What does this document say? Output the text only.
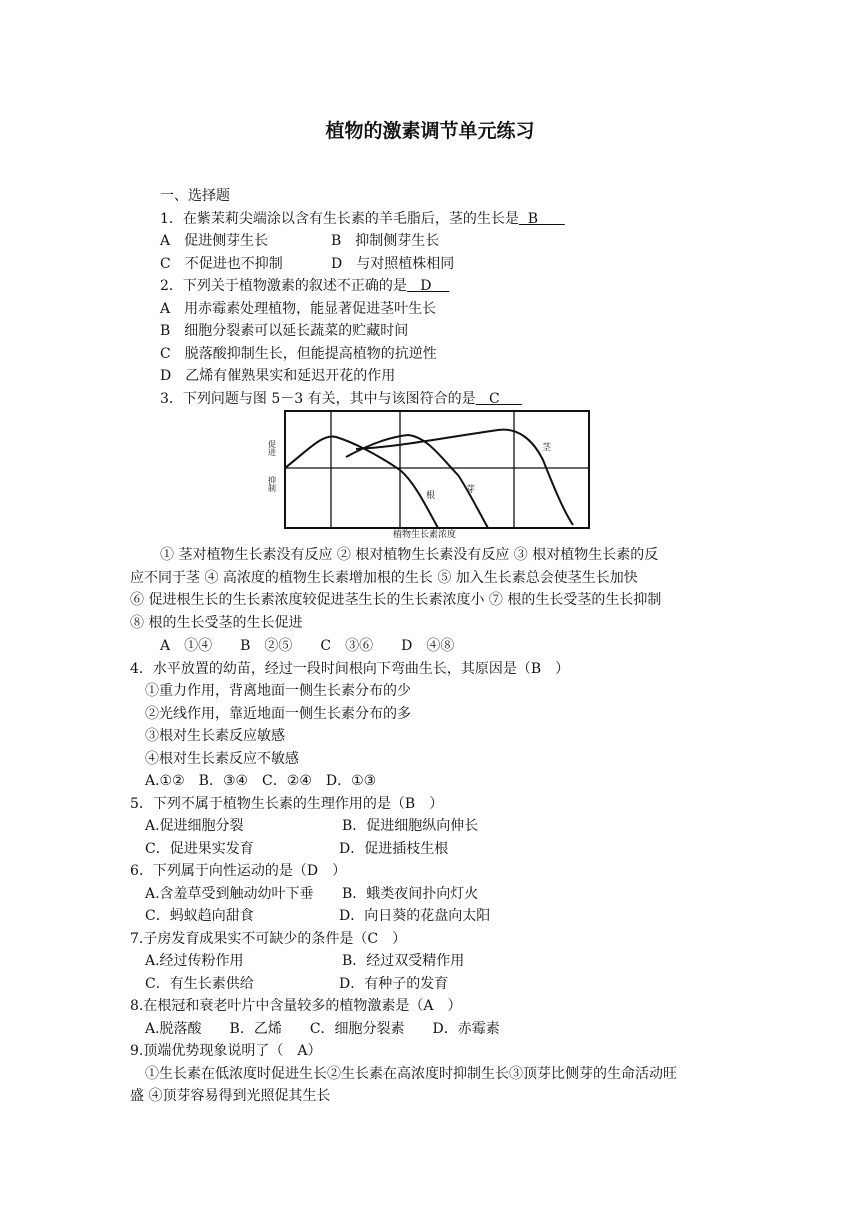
植物的激素调节单元练习
一、选择题
1．在紫茉莉尖端涂以含有生长素的羊毛脂后，茎的生长是  B
A　促进侧芽生长	B　抑制侧芽生长
C　不促进也不抑制	D　与对照植株相同
2．下列关于植物激素的叙述不正确的是   D
A　用赤霉素处理植物，能显著促进茎叶生长
B　细胞分裂素可以延长蔬菜的贮藏时间
C　脱落酸抑制生长，但能提高植物的抗逆性
D　乙烯有催熟果实和延迟开花的作用
3．下列问题与图 5－3 有关，其中与该图符合的是   C
促进
抑制
植物生长素浓度
根
芽
茎
① 茎对植物生长素没有反应 ② 根对植物生长素没有反应 ③ 根对植物生长素的反
应不同于茎 ④ 高浓度的植物生长素增加根的生长 ⑤ 加入生长素总会使茎生长加快
⑥ 促进根生长的生长素浓度较促进茎生长的生长素浓度小 ⑦ 根的生长受茎的生长抑制
⑧ 根的生长受茎的生长促进
A　①④　　B　②⑤　　C　③⑥　　D　④⑧
4．水平放置的幼苗，经过一段时间根向下弯曲生长，其原因是（B　）
①重力作用，背离地面一侧生长素分布的少
②光线作用，靠近地面一侧生长素分布的多
③根对生长素反应敏感
④根对生长素反应不敏感
A.①②　B．③④　C．②④　D．①③
5．下列不属于植物生长素的生理作用的是（B　）
A.促进细胞分裂	B．促进细胞纵向伸长
C．促进果实发育	D．促进插枝生根
6．下列属于向性运动的是（D　）
A.含羞草受到触动幼叶下垂 B．蛾类夜间扑向灯火
C．蚂蚁趋向甜食	D．向日葵的花盘向太阳
7.子房发育成果实不可缺少的条件是（C　）
A.经过传粉作用	B．经过双受精作用
C．有生长素供给	D．有种子的发育
8.在根冠和衰老叶片中含量较多的植物激素是（A　）
A.脱落酸　　B．乙烯　　C．细胞分裂素　　D．赤霉素
9.顶端优势现象说明了（　A）
①生长素在低浓度时促进生长②生长素在高浓度时抑制生长③顶芽比侧芽的生命活动旺
盛 ④顶芽容易得到光照促其生长
